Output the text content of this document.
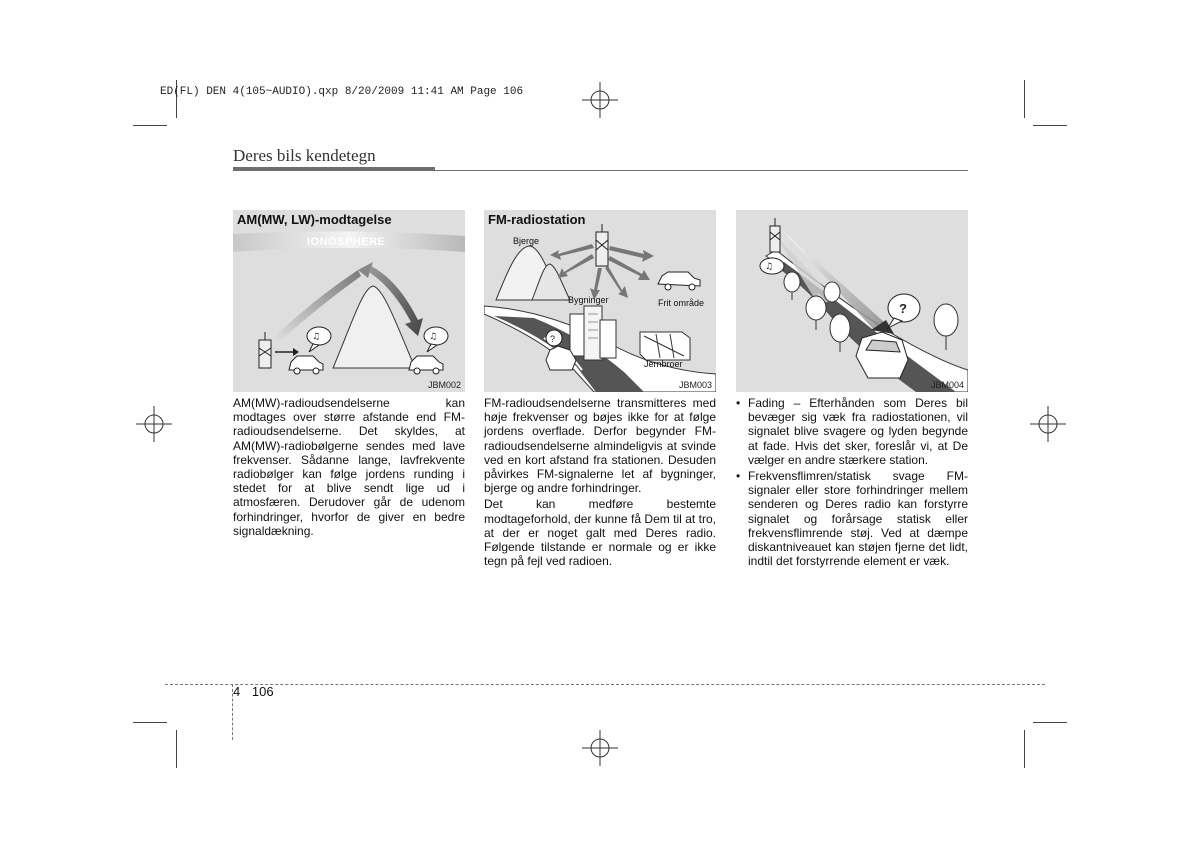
ED(FL) DEN 4(105~AUDIO).qxp 8/20/2009 11:41 AM Page 106
Deres bils kendetegn
♫	♫
AM(MW, LW)-modtagelse
IONOSPHERE
JBM002
?
FM-radiostation
Bjerge
Bygninger	Frit område
Jernbroer
JBM003
♫
?
JBM004

AM(MW)-radioudsendelserne kan modtages over større afstande end FM-radioudsendelserne. Det skyldes, at AM(MW)-radiobølgerne sendes med lave frekvenser. Sådanne lange, lavfrekvente radiobølger kan følge jordens runding i stedet for at blive sendt lige ud i atmosfæren. Derudover går de udenom forhindringer, hvorfor de giver en bedre signaldækning.

FM-radioudsendelserne transmitteres med høje frekvenser og bøjes ikke for at følge jordens overflade. Derfor begynder FM-radioudsendelserne almindeligvis at svinde ved en kort afstand fra stationen. Desuden påvirkes FM-signalerne let af bygninger, bjerge og andre forhindringer.

Det kan medføre bestemte modtageforhold, der kunne få Dem til at tro, at der er noget galt med Deres radio. Følgende tilstande er normale og er ikke tegn på fejl ved radioen.

• Fading – Efterhånden som Deres bil bevæger sig væk fra radiostationen, vil signalet blive svagere og lyden begynde at fade. Hvis det sker, foreslår vi, at De vælger en andre stærkere station.
• Frekvensflimren/statisk svage FM-signaler eller store forhindringer mellem senderen og Deres radio kan forstyrre signalet og forårsage statisk eller frekvensflimrende støj. Ved at dæmpe diskantniveauet kan støjen fjerne det lidt, indtil det forstyrrende element er væk.
4 106
